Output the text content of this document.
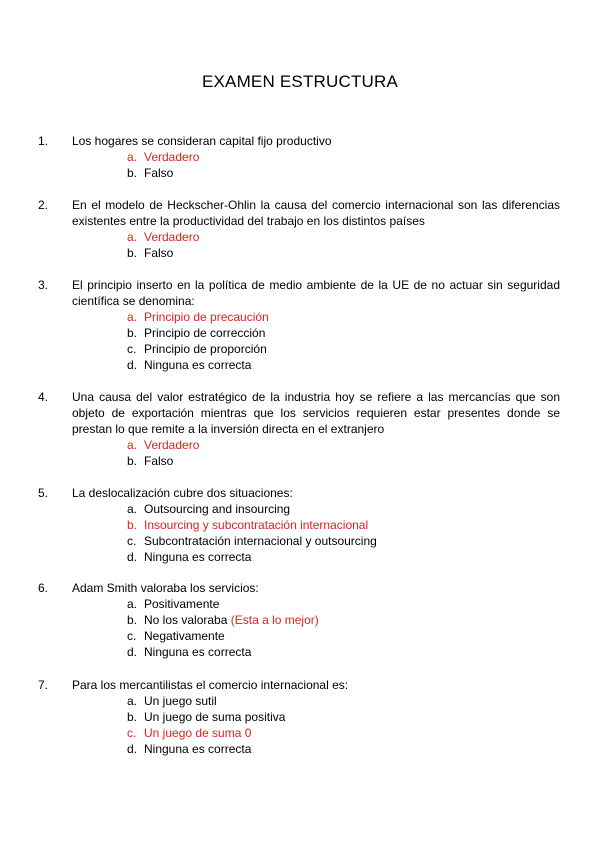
EXAMEN ESTRUCTURA
1. Los hogares se consideran capital fijo productivo
a. Verdadero
b. Falso
2. En el modelo de Heckscher-Ohlin la causa del comercio internacional son las diferencias existentes entre la productividad del trabajo en los distintos países
a. Verdadero
b. Falso
3. El principio inserto en la política de medio ambiente de la UE de no actuar sin seguridad científica se denomina:
a. Principio de precaución
b. Principio de corrección
c. Principio de proporción
d. Ninguna es correcta
4. Una causa del valor estratégico de la industria hoy se refiere a las mercancías que son objeto de exportación mientras que los servicios requieren estar presentes donde se prestan lo que remite a la inversión directa en el extranjero
a. Verdadero
b. Falso
5. La deslocalización cubre dos situaciones:
a. Outsourcing and insourcing
b. Insourcing y subcontratación internacional
c. Subcontratación internacional y outsourcing
d. Ninguna es correcta
6. Adam Smith valoraba los servicios:
a. Positivamente
b. No los valoraba (Esta a lo mejor)
c. Negativamente
d. Ninguna es correcta
7. Para los mercantilistas el comercio internacional es:
a. Un juego sutil
b. Un juego de suma positiva
c. Un juego de suma 0
d. Ninguna es correcta
